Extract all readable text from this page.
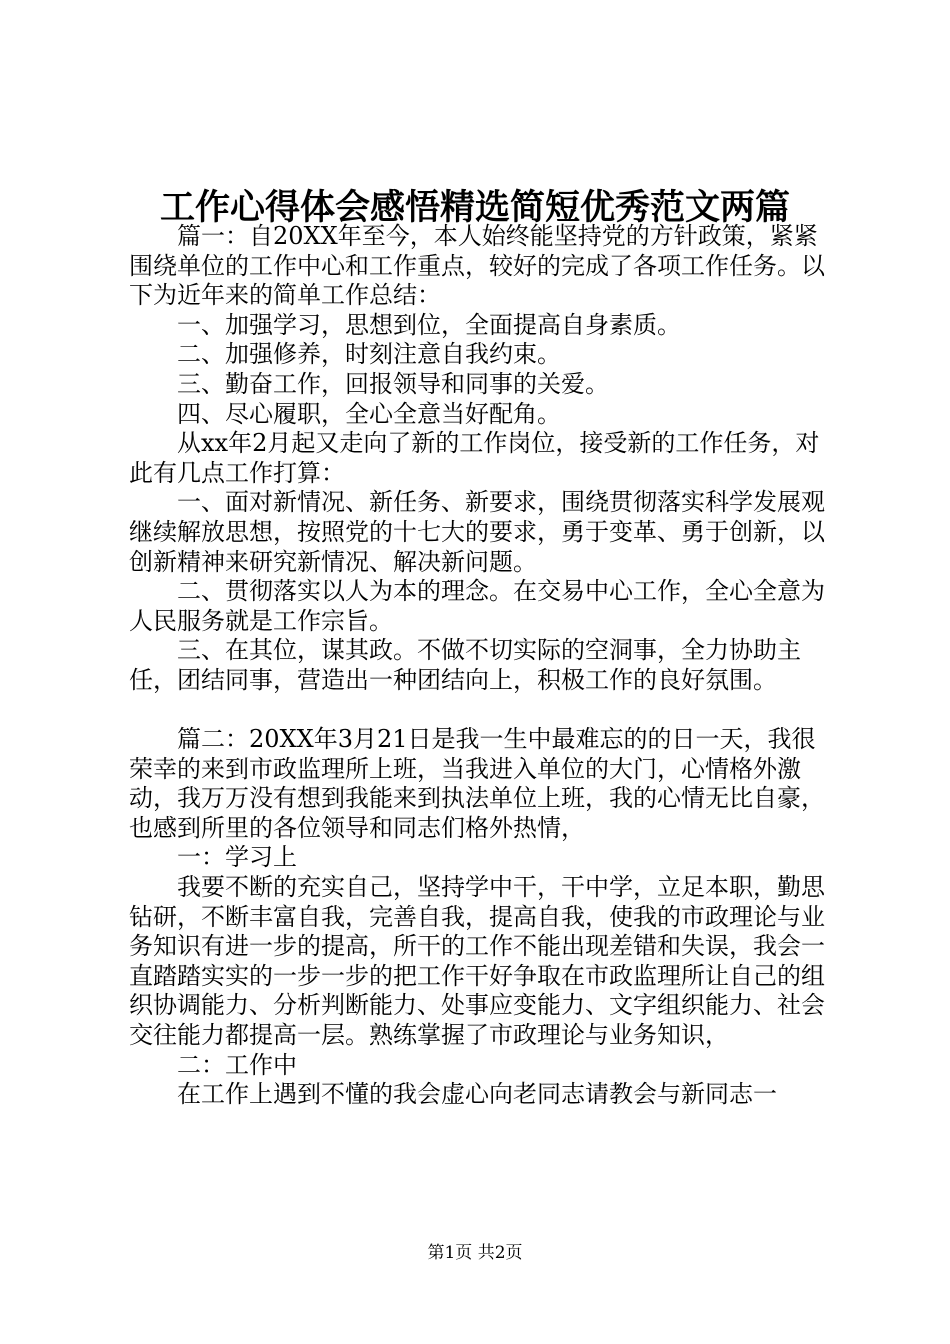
工作心得体会感悟精选简短优秀范文两篇

篇一：自20XX年至今，本人始终能坚持党的方针政策，紧紧围绕单位的工作中心和工作重点，较好的完成了各项工作任务。以下为近年来的简单工作总结：

一、加强学习，思想到位，全面提高自身素质。

二、加强修养，时刻注意自我约束。

三、勤奋工作，回报领导和同事的关爱。

四、尽心履职，全心全意当好配角。

从xx年2月起又走向了新的工作岗位，接受新的工作任务，对此有几点工作打算：

一、面对新情况、新任务、新要求，围绕贯彻落实科学发展观继续解放思想，按照党的十七大的要求，勇于变革、勇于创新，以创新精神来研究新情况、解决新问题。

二、贯彻落实以人为本的理念。在交易中心工作，全心全意为人民服务就是工作宗旨。

三、在其位，谋其政。不做不切实际的空洞事，全力协助主任，团结同事，营造出一种团结向上，积极工作的良好氛围。

篇二：20XX年3月21日是我一生中最难忘的的日一天，我很荣幸的来到市政监理所上班，当我进入单位的大门，心情格外激动，我万万没有想到我能来到执法单位上班，我的心情无比自豪，也感到所里的各位领导和同志们格外热情，

一：学习上

我要不断的充实自己，坚持学中干，干中学，立足本职，勤思钻研，不断丰富自我，完善自我，提高自我，使我的市政理论与业务知识有进一步的提高，所干的工作不能出现差错和失误，我会一直踏踏实实的一步一步的把工作干好争取在市政监理所让自己的组织协调能力、分析判断能力、处事应变能力、文字组织能力、社会交往能力都提高一层。熟练掌握了市政理论与业务知识，

二：工作中

在工作上遇到不懂的我会虚心向老同志请教会与新同志一

第1页 共2页
